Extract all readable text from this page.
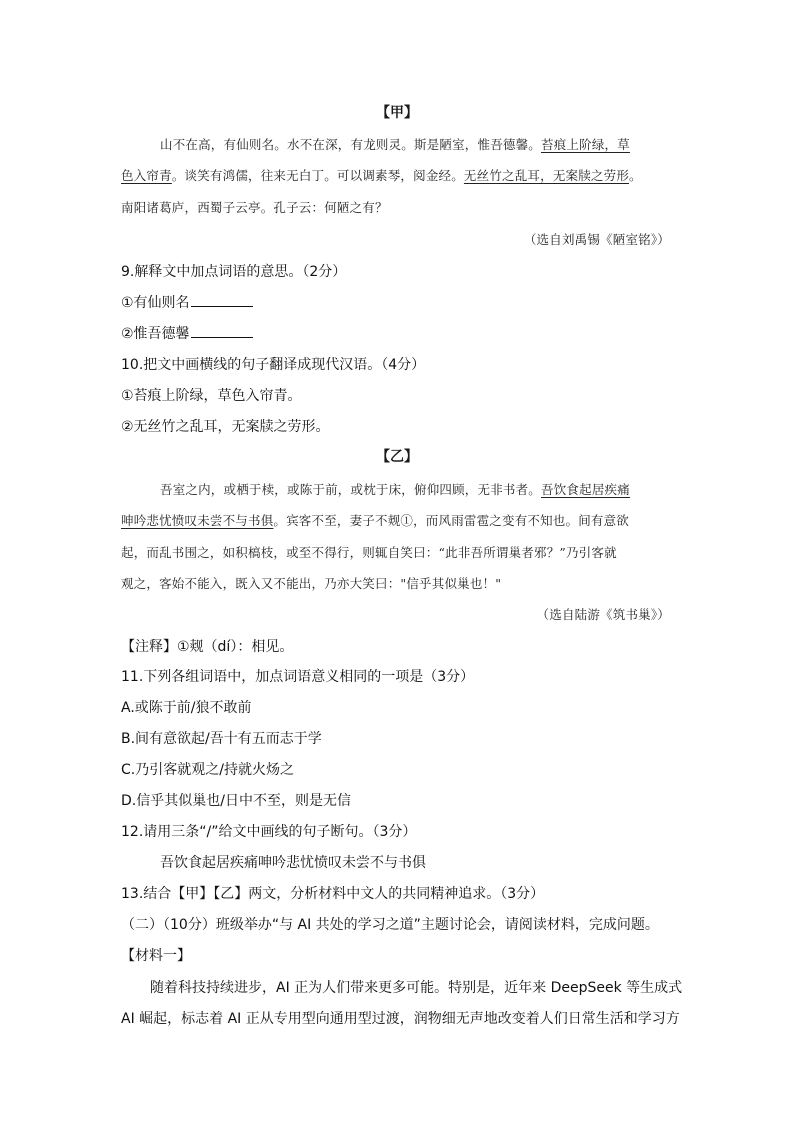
【甲】
山不在高，有仙则名。水不在深，有龙则灵。斯是陋室，惟吾德馨。苔痕上阶绿，草
色入帘青。谈笑有鸿儒，往来无白丁。可以调素琴，阅金经。无丝竹之乱耳，无案牍之劳形。
南阳诸葛庐，西蜀子云亭。孔子云：何陋之有？
（选自刘禹锡《陋室铭》）
9.解释文中加点词语的意思。（2分）
①有仙则名
②惟吾德馨
10.把文中画横线的句子翻译成现代汉语。（4分）
①苔痕上阶绿，草色入帘青。
②无丝竹之乱耳，无案牍之劳形。
【乙】
吾室之内，或栖于椟，或陈于前，或枕于床，俯仰四顾，无非书者。吾饮食起居疾痛
呻吟悲忧愤叹未尝不与书俱。宾客不至，妻子不觌①，而风雨雷雹之变有不知也。间有意欲
起，而乱书围之，如积槁枝，或至不得行，则辄自笑曰：“此非吾所谓巢者邪？”乃引客就
观之，客始不能入，既入又不能出，乃亦大笑曰："信乎其似巢也！"
（选自陆游《筑书巢》）
【注释】①觌（dí）：相见。
11.下列各组词语中，加点词语意义相同的一项是（3分）
A.或陈于前/狼不敢前
B.间有意欲起/吾十有五而志于学
C.乃引客就观之/持就火炀之
D.信乎其似巢也/日中不至，则是无信
12.请用三条“/”给文中画线的句子断句。（3分）
吾饮食起居疾痛呻吟悲忧愤叹未尝不与书俱
13.结合【甲】【乙】两文，分析材料中文人的共同精神追求。（3分）
（二）（10分）班级举办“与 AI 共处的学习之道”主题讨论会，请阅读材料，完成问题。
【材料一】
随着科技持续进步，AI 正为人们带来更多可能。特别是，近年来 DeepSeek 等生成式
AI 崛起，标志着 AI 正从专用型向通用型过渡，润物细无声地改变着人们日常生活和学习方
